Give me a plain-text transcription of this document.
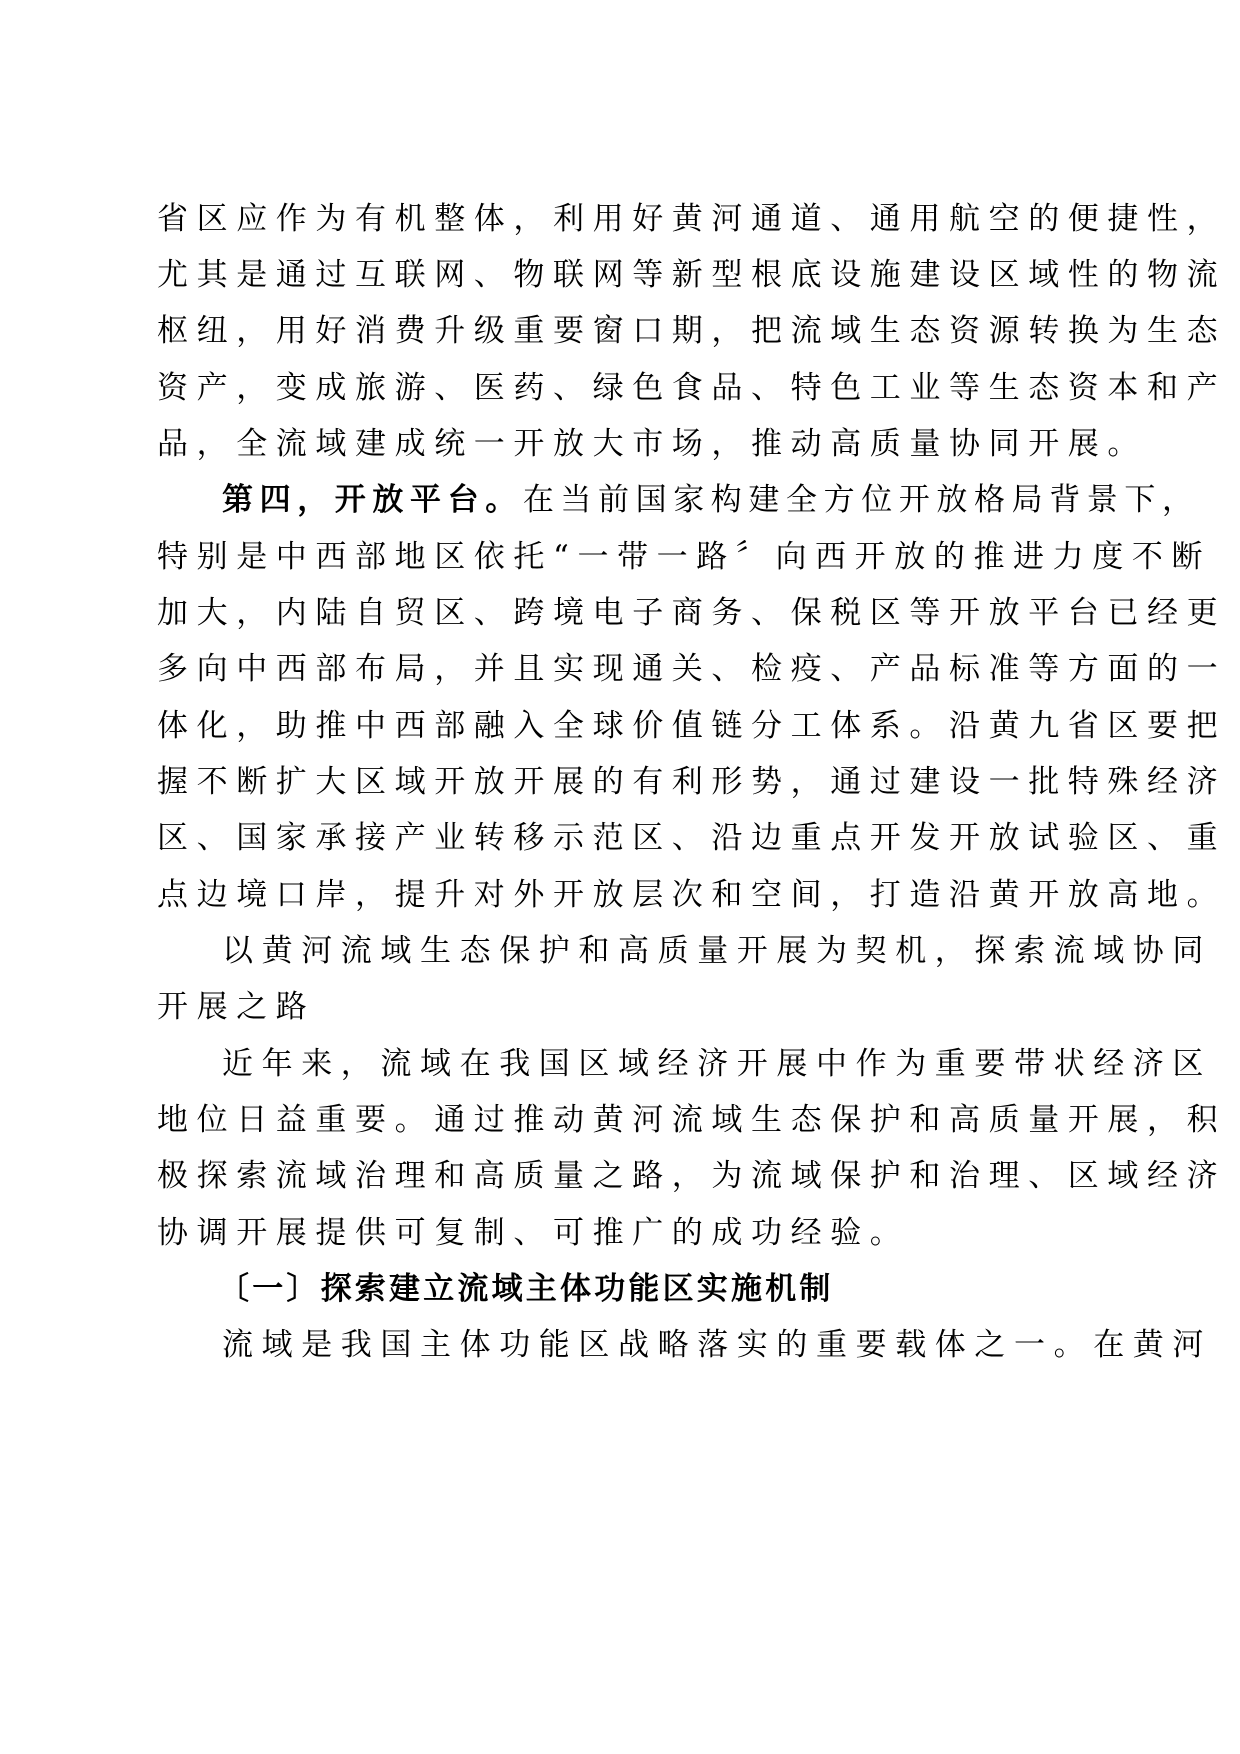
省区应作为有机整体，利用好黄河通道、通用航空的便捷性，
尤其是通过互联网、物联网等新型根底设施建设区域性的物流
枢纽，用好消费升级重要窗口期，把流域生态资源转换为生态
资产，变成旅游、医药、绿色食品、特色工业等生态资本和产
品，全流域建成统一开放大市场，推动高质量协同开展。
第四，开放平台。在当前国家构建全方位开放格局背景下，
特别是中西部地区依托“一带一路〞向西开放的推进力度不断
加大，内陆自贸区、跨境电子商务、保税区等开放平台已经更
多向中西部布局，并且实现通关、检疫、产品标准等方面的一
体化，助推中西部融入全球价值链分工体系。沿黄九省区要把
握不断扩大区域开放开展的有利形势，通过建设一批特殊经济
区、国家承接产业转移示范区、沿边重点开发开放试验区、重
点边境口岸，提升对外开放层次和空间，打造沿黄开放高地。
以黄河流域生态保护和高质量开展为契机，探索流域协同
开展之路
近年来，流域在我国区域经济开展中作为重要带状经济区
地位日益重要。通过推动黄河流域生态保护和高质量开展，积
极探索流域治理和高质量之路，为流域保护和治理、区域经济
协调开展提供可复制、可推广的成功经验。
〔一〕探索建立流域主体功能区实施机制
流域是我国主体功能区战略落实的重要载体之一。在黄河
